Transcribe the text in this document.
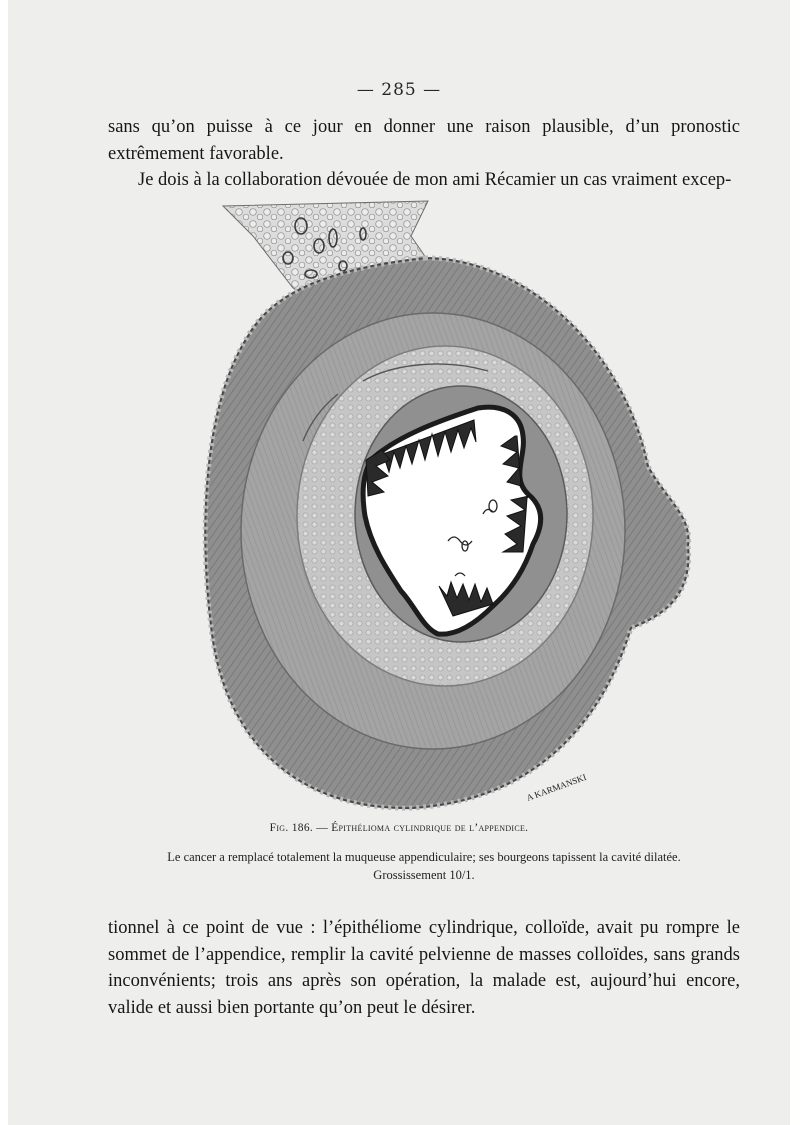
— 285 —

sans qu’on puisse à ce jour en donner une raison plausible, d’un pronostic extrêmement favorable.

Je dois à la collaboration dévouée de mon ami Récamier un cas vraiment excep-

A KARMANSKI
Fig. 186. — Épithélioma cylindrique de l’appendice.
Le cancer a remplacé totalement la muqueuse appendiculaire; ses bourgeons tapissent la cavité dilatée.
Grossissement 10/1.

tionnel à ce point de vue : l’épithéliome cylindrique, colloïde, avait pu rompre le sommet de l’appendice, remplir la cavité pelvienne de masses colloïdes, sans grands inconvénients; trois ans après son opération, la malade est, aujourd’hui encore, valide et aussi bien portante qu’on peut le désirer.
